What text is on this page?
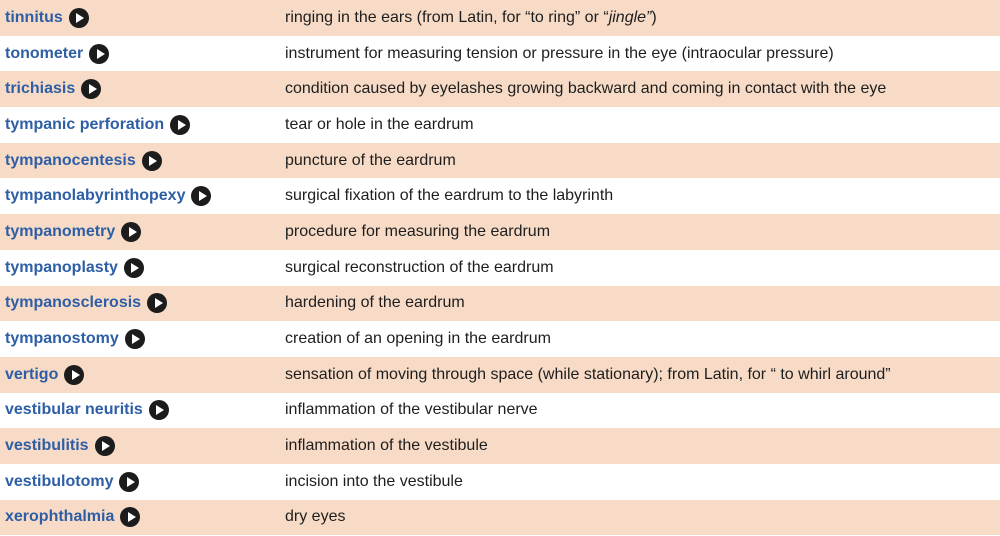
tinnitus	ringing in the ears (from Latin, for “to ring” or “jingle”)
tonometer	instrument for measuring tension or pressure in the eye (intraocular pressure)
trichiasis	condition caused by eyelashes growing backward and coming in contact with the eye
tympanic perforation	tear or hole in the eardrum
tympanocentesis	puncture of the eardrum
tympanolabyrinthopexy	surgical fixation of the eardrum to the labyrinth
tympanometry	procedure for measuring the eardrum
tympanoplasty	surgical reconstruction of the eardrum
tympanosclerosis	hardening of the eardrum
tympanostomy	creation of an opening in the eardrum
vertigo	sensation of moving through space (while stationary); from Latin, for “ to whirl around”
vestibular neuritis	inflammation of the vestibular nerve
vestibulitis	inflammation of the vestibule
vestibulotomy	incision into the vestibule
xerophthalmia	dry eyes
